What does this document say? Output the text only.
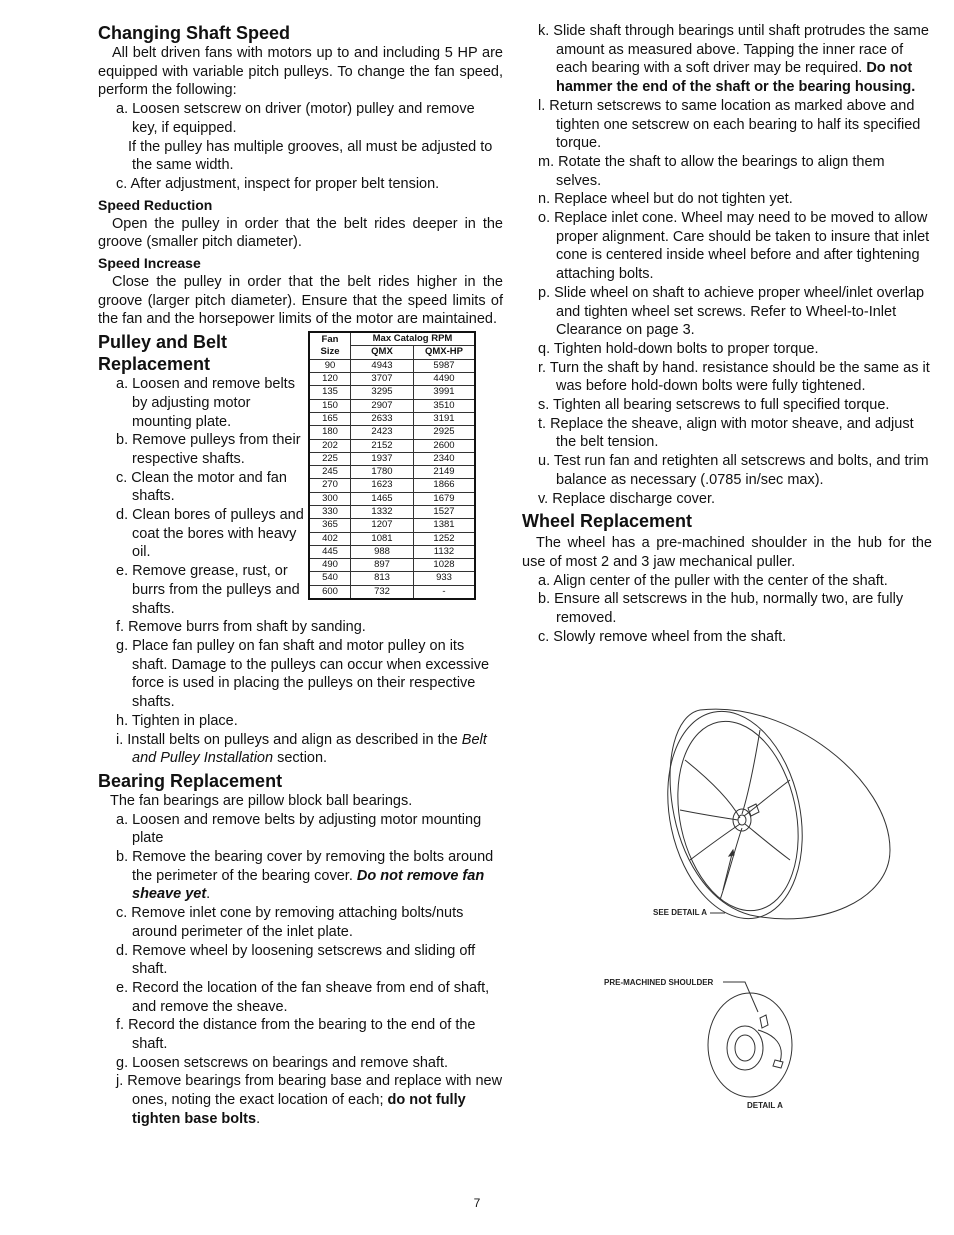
Changing Shaft Speed

All belt driven fans with motors up to and including 5 HP are equipped with variable pitch pulleys. To change the fan speed, perform the following:

a. Loosen setscrew on driver (motor) pulley and remove key, if equipped.

If the pulley has multiple grooves, all must be adjusted to the same width.

c. After adjustment, inspect for proper belt tension.

Speed Reduction

Open the pulley in order that the belt rides deeper in the groove (smaller pitch diameter).

Speed Increase

Close the pulley in order that the belt rides higher in the groove (larger pitch diameter). Ensure that the speed limits of the fan and the horsepower limits of the motor are maintained.

Pulley and Belt Replacement

a. Loosen and remove belts by adjusting motor mounting plate.

b. Remove pulleys from their respective shafts.

c. Clean the motor and fan shafts.

d. Clean bores of pulleys and coat the bores with heavy oil.

e. Remove grease, rust, or burrs from the pulleys and shafts.

Fan Size	Max Catalog RPM	
	QMX	QMX-HP
90	4943	5987
120	3707	4490
135	3295	3991
150	2907	3510
165	2633	3191
180	2423	2925
202	2152	2600
225	1937	2340
245	1780	2149
270	1623	1866
300	1465	1679
330	1332	1527
365	1207	1381
402	1081	1252
445	988	1132
490	897	1028
540	813	933
600	732	-

f. Remove burrs from shaft by sanding.

g. Place fan pulley on fan shaft and motor pulley on its shaft. Damage to the pulleys can occur when excessive force is used in placing the pulleys on their respective shafts.

h. Tighten in place.

i. Install belts on pulleys and align as described in the Belt and Pulley Installation section.

Bearing Replacement

The fan bearings are pillow block ball bearings.

a. Loosen and remove belts by adjusting motor mounting plate

b. Remove the bearing cover by removing the bolts around the perimeter of the bearing cover. Do not remove fan sheave yet.

c. Remove inlet cone by removing attaching bolts/nuts around perimeter of the inlet plate.

d. Remove wheel by loosening setscrews and sliding off shaft.

e. Record the location of the fan sheave from end of shaft, and remove the sheave.

f. Record the distance from the bearing to the end of the shaft.

g. Loosen setscrews on bearings and remove shaft.

j. Remove bearings from bearing base and replace with new ones, noting the exact location of each; do not fully tighten base bolts.

k. Slide shaft through bearings until shaft protrudes the same amount as measured above. Tapping the inner race of each bearing with a soft driver may be required. Do not hammer the end of the shaft or the bearing housing.

l. Return setscrews to same location as marked above and tighten one setscrew on each bearing to half its specified torque.

m. Rotate the shaft to allow the bearings to align them selves.

n. Replace wheel but do not tighten yet.

o. Replace inlet cone. Wheel may need to be moved to allow proper alignment. Care should be taken to insure that inlet cone is centered inside wheel before and after tightening attaching bolts.

p. Slide wheel on shaft to achieve proper wheel/inlet overlap and tighten wheel set screws. Refer to Wheel-to-Inlet Clearance on page 3.

q. Tighten hold-down bolts to proper torque.

r. Turn the shaft by hand. resistance should be the same as it was before hold-down bolts were fully tightened.

s. Tighten all bearing setscrews to full specified torque.

t. Replace the sheave, align with motor sheave, and adjust the belt tension.

u. Test run fan and retighten all setscrews and bolts, and trim balance as necessary (.0785 in/sec max).

v. Replace discharge cover.

Wheel Replacement

The wheel has a pre-machined shoulder in the hub for the use of most 2 and 3 jaw mechanical puller.

a. Align center of the puller with the center of the shaft.

b. Ensure all setscrews in the hub, normally two, are fully removed.

c. Slowly remove wheel from the shaft.

SEE DETAIL A
PRE-MACHINED SHOULDER
DETAIL A
7
